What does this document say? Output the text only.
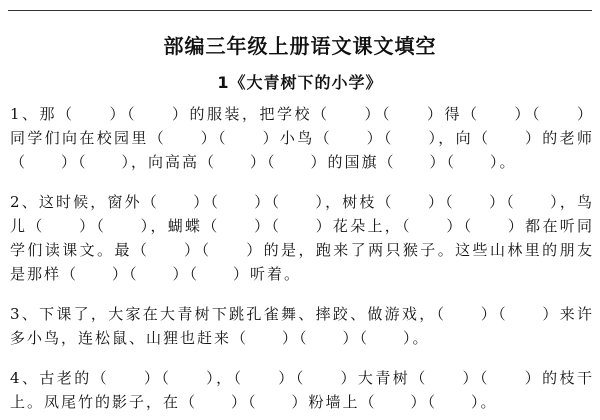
部编三年级上册语文课文填空
1《大青树下的小学》

1、那（　　）（　　）的服装，把学校（　　）（　　）得（　　）（　　）同学们向在校园里（　　）（　　）小鸟（　　）（　　），向（　　）的老师（　　）（　　），向高高（　　）（　　）的国旗（　　）（　　）。

2、这时候，窗外（　　）（　　）（　　），树枝（　　）（　　）（　　），鸟儿（　　）（　　），蝴蝶（　　）（　　）花朵上，（　　）（　　）都在听同学们读课文。最（　　）（　　）的是，跑来了两只猴子。这些山林里的朋友是那样（　　）（　　）（　　）听着。

3、下课了，大家在大青树下跳孔雀舞、摔跤、做游戏，（　　）（　　）来许多小鸟，连松鼠、山狸也赶来（　　）（　　）（　　）。

4、古老的（　　）（　　），（　　）（　　）大青树（　　）（　　）的枝干上。凤尾竹的影子，在（　　）（　　）粉墙上（　　）（　　）。
